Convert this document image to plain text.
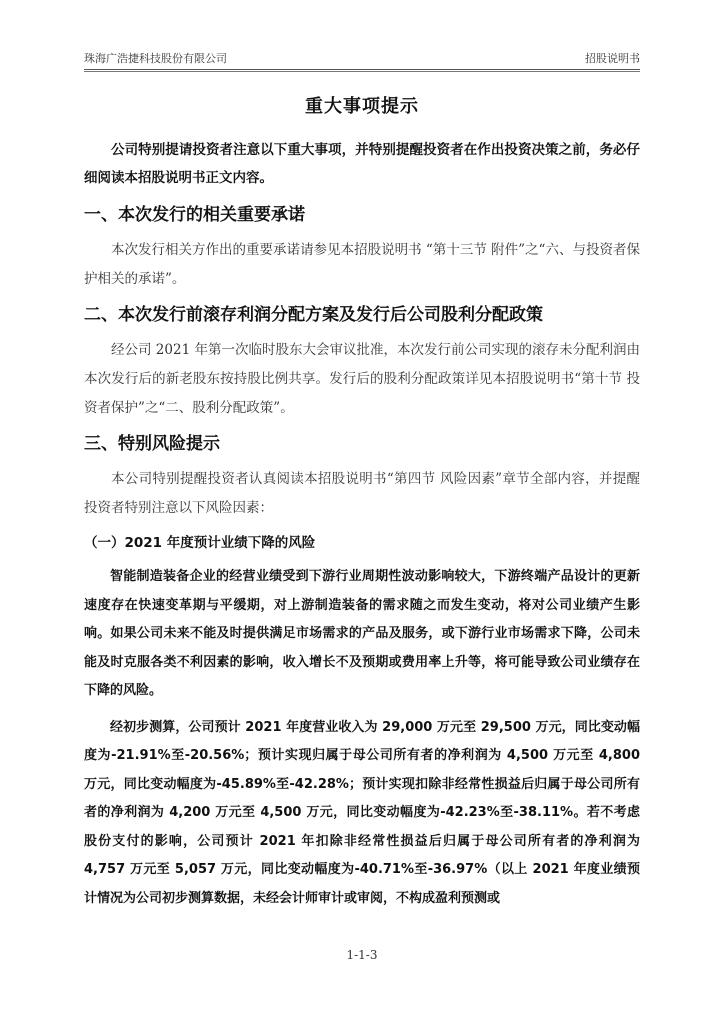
珠海广浩捷科技股份有限公司	招股说明书
重大事项提示

公司特别提请投资者注意以下重大事项，并特别提醒投资者在作出投资决策之前，务必仔细阅读本招股说明书正文内容。

一、本次发行的相关重要承诺

本次发行相关方作出的重要承诺请参见本招股说明书 “第十三节 附件”之“六、与投资者保护相关的承诺”。

二、本次发行前滚存利润分配方案及发行后公司股利分配政策

经公司 2021 年第一次临时股东大会审议批准，本次发行前公司实现的滚存未分配利润由本次发行后的新老股东按持股比例共享。发行后的股利分配政策详见本招股说明书“第十节 投资者保护”之“二、股利分配政策”。

三、特别风险提示

本公司特别提醒投资者认真阅读本招股说明书“第四节 风险因素”章节全部内容，并提醒投资者特别注意以下风险因素：

（一）2021 年度预计业绩下降的风险

智能制造装备企业的经营业绩受到下游行业周期性波动影响较大，下游终端产品设计的更新速度存在快速变革期与平缓期，对上游制造装备的需求随之而发生变动，将对公司业绩产生影响。如果公司未来不能及时提供满足市场需求的产品及服务，或下游行业市场需求下降，公司未能及时克服各类不利因素的影响，收入增长不及预期或费用率上升等，将可能导致公司业绩存在下降的风险。

经初步测算，公司预计 2021 年度营业收入为 29,000 万元至 29,500 万元，同比变动幅度为-21.91%至-20.56%；预计实现归属于母公司所有者的净利润为 4,500 万元至 4,800 万元，同比变动幅度为-45.89%至-42.28%；预计实现扣除非经常性损益后归属于母公司所有者的净利润为 4,200 万元至 4,500 万元，同比变动幅度为-42.23%至-38.11%。若不考虑股份支付的影响，公司预计 2021 年扣除非经常性损益后归属于母公司所有者的净利润为 4,757 万元至 5,057 万元，同比变动幅度为-40.71%至-36.97%（以上 2021 年度业绩预计情况为公司初步测算数据，未经会计师审计或审阅，不构成盈利预测或

1-1-3
